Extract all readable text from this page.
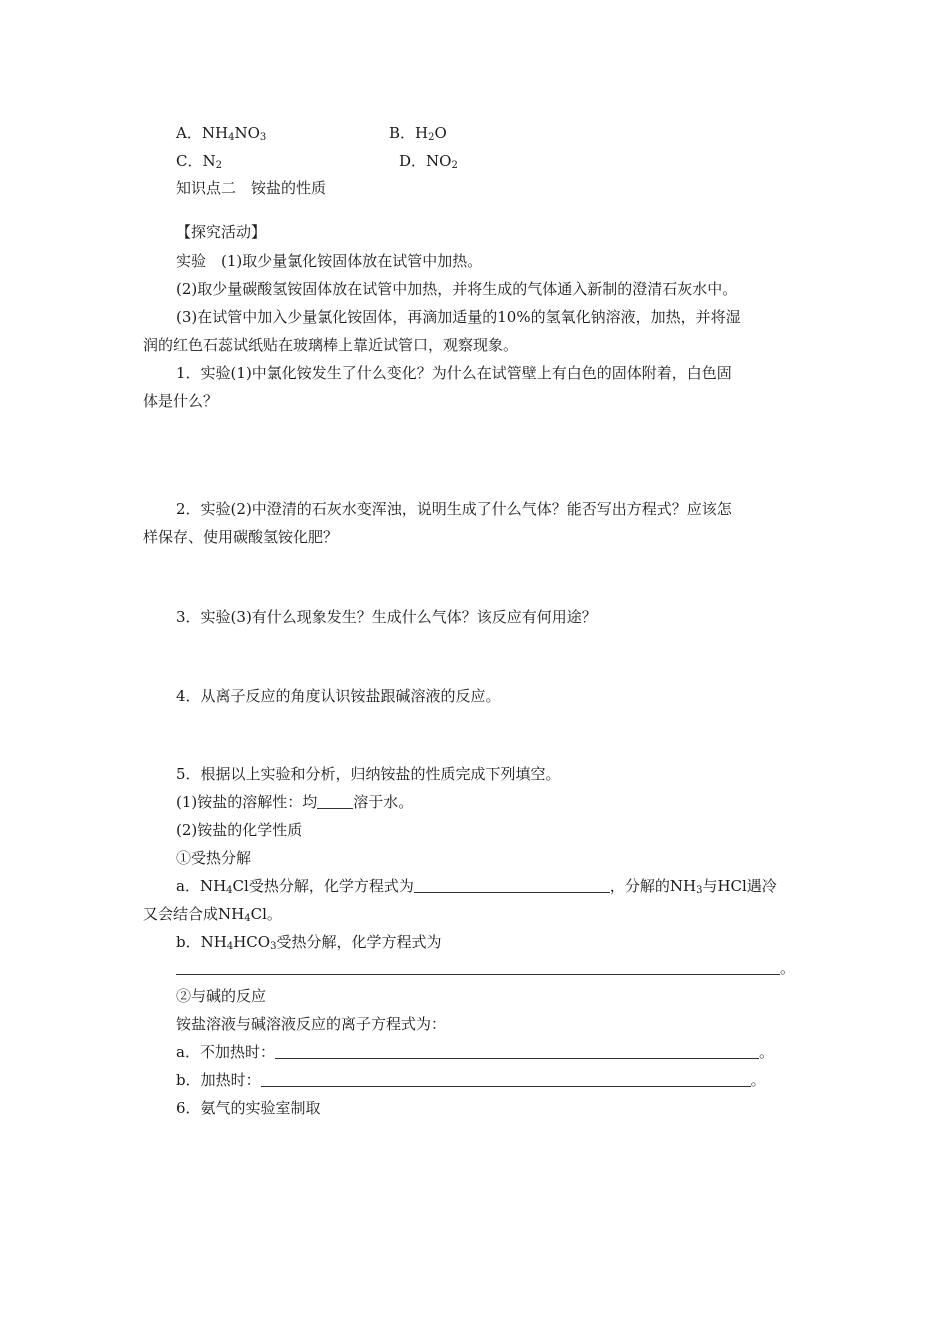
A．$NH_4NO_3$	B．$H_2O$
C．$N_2$	D．$NO_2$
知识点二　铵盐的性质
【探究活动】
实验　(1)取少量氯化铵固体放在试管中加热。
(2)取少量碳酸氢铵固体放在试管中加热，并将生成的气体通入新制的澄清石灰水中。
(3)在试管中加入少量氯化铵固体，再滴加适量的10%的氢氧化钠溶液，加热，并将湿
润的红色石蕊试纸贴在玻璃棒上靠近试管口，观察现象。
1．实验(1)中氯化铵发生了什么变化？为什么在试管壁上有白色的固体附着，白色固
体是什么？
2．实验(2)中澄清的石灰水变浑浊，说明生成了什么气体？能否写出方程式？应该怎
样保存、使用碳酸氢铵化肥？
3．实验(3)有什么现象发生？生成什么气体？该反应有何用途？
4．从离子反应的角度认识铵盐跟碱溶液的反应。
5．根据以上实验和分析，归纳铵盐的性质完成下列填空。
(1)铵盐的溶解性：均 溶于水。
(2)铵盐的化学性质
①受热分解
a．$NH_4Cl$受热分解，化学方程式为	，分解的$NH_3$与HCl遇冷
又会结合成$NH_4Cl$。
b．$NH_4HCO_3$受热分解，化学方程式为
。
②与碱的反应
铵盐溶液与碱溶液反应的离子方程式为：
a．不加热时：	。
b．加热时：	。
6．氨气的实验室制取
